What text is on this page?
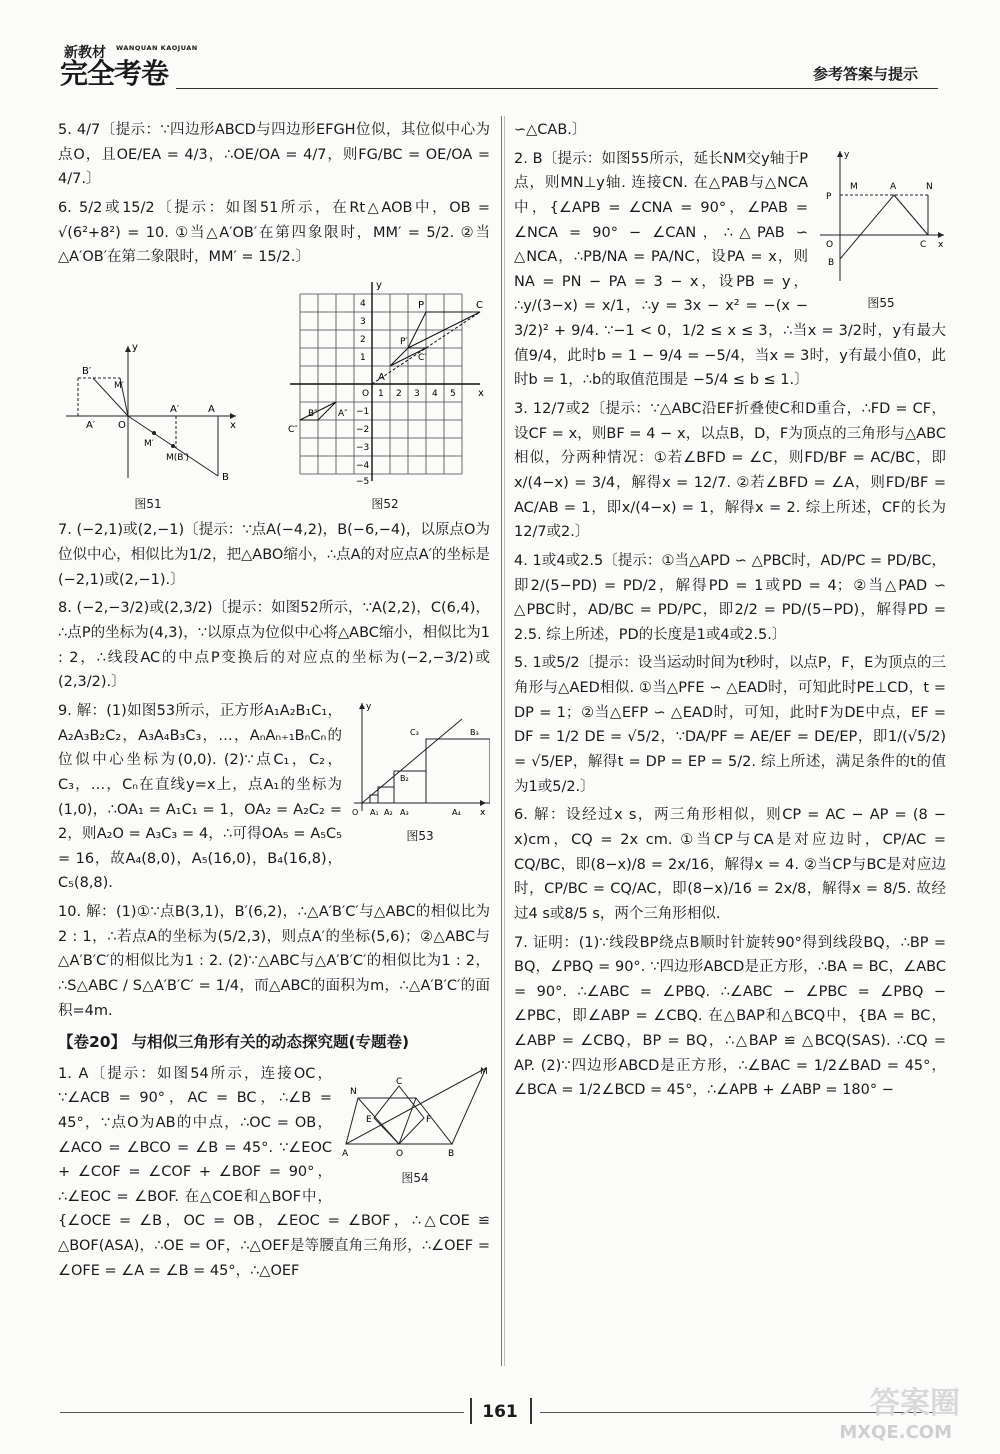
新教材 WANQUAN KAOJUAN
完全考卷	参考答案与提示

5. 4/7〔提示：∵四边形ABCD与四边形EFGH位似，其位似中心为点O，且OE/EA = 4/3，∴OE/OA = 4/7，则FG/BC = OE/OA = 4/7.〕

6. 5/2或15/2〔提示：如图51所示，在Rt△AOB中，OB = √(6²+8²) = 10. ①当△A′OB′在第四象限时，MM′ = 5/2. ②当△A′OB′在第二象限时，MM′ = 15/2.〕

A
A′
A′ O	x
y
B′
M′
M′
M(B′)
B
图51
y
x
C
P
P′
C′
A
B″
C″
A″
O 1 2 3 4 5
4
3
2
1
−1
−2
−3
−4
−5
图52

7. (−2,1)或(2,−1)〔提示：∵点A(−4,2)，B(−6,−4)，以原点O为位似中心，相似比为1/2，把△ABO缩小，∴点A的对应点A′的坐标是(−2,1)或(2,−1).〕

8. (−2,−3/2)或(2,3/2)〔提示：如图52所示，∵A(2,2)，C(6,4)，∴点P的坐标为(4,3)，∵以原点为位似中心将△ABC缩小，相似比为1 : 2，∴线段AC的中点P变换后的对应点的坐标为(−2,−3/2)或(2,3/2).〕

y
x
O A₁ A₂ A₃	A₄
C₃	B₃
B₂
图53

9. 解：(1)如图53所示，正方形A₁A₂B₁C₁，A₂A₃B₂C₂，A₃A₄B₃C₃，…，AₙAₙ₊₁BₙCₙ的位似中心坐标为(0,0). (2)∵点C₁，C₂，C₃，…，Cₙ在直线y=x上，点A₁的坐标为(1,0)，∴OA₁ = A₁C₁ = 1，OA₂ = A₂C₂ = 2，则A₂O = A₃C₃ = 4，∴可得OA₅ = A₅C₅ = 16，故A₄(8,0)，A₅(16,0)，B₄(16,8)，C₅(8,8).

10. 解：(1)①∵点B(3,1)，B′(6,2)，∴△A′B′C′与△ABC的相似比为2 : 1，∴若点A的坐标为(5/2,3)，则点A′的坐标(5,6)；②△ABC与△A′B′C′的相似比为1 : 2. (2)∵△ABC与△A′B′C′的相似比为1 : 2，∴S△ABC / S△A′B′C′ = 1/4，而△ABC的面积为m，∴△A′B′C′的面积=4m.

【卷20】 与相似三角形有关的动态探究题(专题卷)
M
N
C
E	F
A	O	B
图54

1. A〔提示：如图54所示，连接OC，∵∠ACB = 90°，AC = BC，∴∠B = 45°，∵点O为AB的中点，∴OC = OB，∠ACO = ∠BCO = ∠B = 45°. ∵∠EOC + ∠COF = ∠COF + ∠BOF = 90°，∴∠EOC = ∠BOF. 在△COE和△BOF中，{∠OCE = ∠B，OC = OB，∠EOC = ∠BOF，∴△COE ≌ △BOF(ASA)，∴OE = OF，∴△OEF是等腰直角三角形，∴∠OEF = ∠OFE = ∠A = ∠B = 45°，∴△OEF

∽△CAB.〕

y
x
P
M	A	N
O	C
B
图55

2. B〔提示：如图55所示，延长NM交y轴于P点，则MN⊥y轴. 连接CN. 在△PAB与△NCA中，{∠APB = ∠CNA = 90°，∠PAB = ∠NCA = 90° − ∠CAN，∴△PAB ∽ △NCA，∴PB/NA = PA/NC，设PA = x，则NA = PN − PA = 3 − x，设PB = y，∴y/(3−x) = x/1，∴y = 3x − x² = −(x − 3/2)² + 9/4. ∵−1 < 0，1/2 ≤ x ≤ 3，∴当x = 3/2时，y有最大值9/4，此时b = 1 − 9/4 = −5/4，当x = 3时，y有最小值0，此时b = 1，∴b的取值范围是 −5/4 ≤ b ≤ 1.〕

3. 12/7或2〔提示：∵△ABC沿EF折叠使C和D重合，∴FD = CF，设CF = x，则BF = 4 − x，以点B，D，F为顶点的三角形与△ABC相似，分两种情况：①若∠BFD = ∠C，则FD/BF = AC/BC，即x/(4−x) = 3/4，解得x = 12/7. ②若∠BFD = ∠A，则FD/BF = AC/AB = 1，即x/(4−x) = 1，解得x = 2. 综上所述，CF的长为12/7或2.〕

4. 1或4或2.5〔提示：①当△APD ∽ △PBC时，AD/PC = PD/BC，即2/(5−PD) = PD/2，解得PD = 1或PD = 4；②当△PAD ∽ △PBC时，AD/BC = PD/PC，即2/2 = PD/(5−PD)，解得PD = 2.5. 综上所述，PD的长度是1或4或2.5.〕

5. 1或5/2〔提示：设当运动时间为t秒时，以点P，F，E为顶点的三角形与△AED相似. ①当△PFE ∽ △EAD时，可知此时PE⊥CD，t = DP = 1；②当△EFP ∽ △EAD时，可知，此时F为DE中点，EF = DF = 1/2 DE = √5/2，∵DA/PF = AE/EF = DE/EP，即1/(√5/2) = √5/EP，解得t = DP = EP = 5/2. 综上所述，满足条件的t的值为1或5/2.〕

6. 解：设经过x s，两三角形相似，则CP = AC − AP = (8 − x)cm，CQ = 2x cm. ①当CP与CA是对应边时，CP/AC = CQ/BC，即(8−x)/8 = 2x/16，解得x = 4. ②当CP与BC是对应边时，CP/BC = CQ/AC，即(8−x)/16 = 2x/8，解得x = 8/5. 故经过4 s或8/5 s，两个三角形相似.

7. 证明：(1)∵线段BP绕点B顺时针旋转90°得到线段BQ，∴BP = BQ，∠PBQ = 90°. ∵四边形ABCD是正方形，∴BA = BC，∠ABC = 90°. ∴∠ABC = ∠PBQ. ∴∠ABC − ∠PBC = ∠PBQ − ∠PBC，即∠ABP = ∠CBQ. 在△BAP和△BCQ中，{BA = BC，∠ABP = ∠CBQ，BP = BQ，∴△BAP ≌ △BCQ(SAS). ∴CQ = AP. (2)∵四边形ABCD是正方形，∴∠BAC = 1/2∠BAD = 45°，∠BCA = 1/2∠BCD = 45°，∴∠APB + ∠ABP = 180° −

161	答案圈
MXQE.COM
